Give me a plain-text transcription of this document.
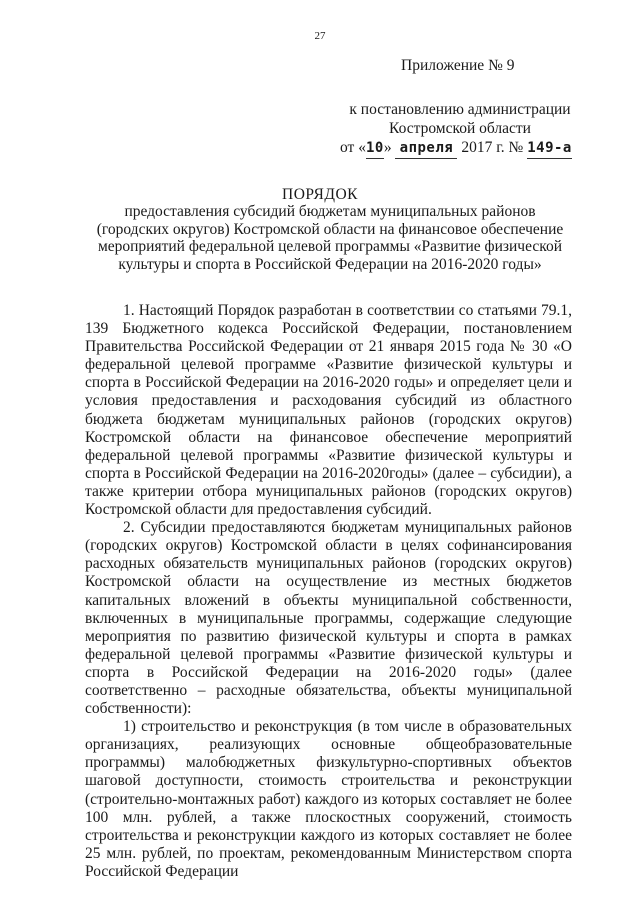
27
Приложение № 9
к постановлению администрации
Костромской области
от «10» апреля 2017 г. № 149-а
ПОРЯДОК
предоставления субсидий бюджетам муниципальных районов (городских округов) Костромской области на финансовое обеспечение мероприятий федеральной целевой программы «Развитие физической культуры и спорта в Российской Федерации на 2016-2020 годы»

1. Настоящий Порядок разработан в соответствии со статьями 79.1, 139 Бюджетного кодекса Российской Федерации, постановлением Правительства Российской Федерации от 21 января 2015 года № 30 «О федеральной целевой программе «Развитие физической культуры и спорта в Российской Федерации на 2016-2020 годы» и определяет цели и условия предоставления и расходования субсидий из областного бюджета бюджетам муниципальных районов (городских округов) Костромской области на финансовое обеспечение мероприятий федеральной целевой программы «Развитие физической культуры и спорта в Российской Федерации на 2016-2020годы» (далее – субсидии), а также критерии отбора муниципальных районов (городских округов) Костромской области для предоставления субсидий.

2. Субсидии предоставляются бюджетам муниципальных районов (городских округов) Костромской области в целях софинансирования расходных обязательств муниципальных районов (городских округов) Костромской области на осуществление из местных бюджетов капитальных вложений в объекты муниципальной собственности, включенных в муниципальные программы, содержащие следующие мероприятия по развитию физической культуры и спорта в рамках федеральной целевой программы «Развитие физической культуры и спорта в Российской Федерации на 2016-2020 годы» (далее соответственно – расходные обязательства, объекты муниципальной собственности):

1) строительство и реконструкция (в том числе в образовательных организациях, реализующих основные общеобразовательные программы) малобюджетных физкультурно-спортивных объектов шаговой доступности, стоимость строительства и реконструкции (строительно-монтажных работ) каждого из которых составляет не более 100 млн. рублей, а также плоскостных сооружений, стоимость строительства и реконструкции каждого из которых составляет не более 25 млн. рублей, по проектам, рекомендованным Министерством спорта Российской Федерации
